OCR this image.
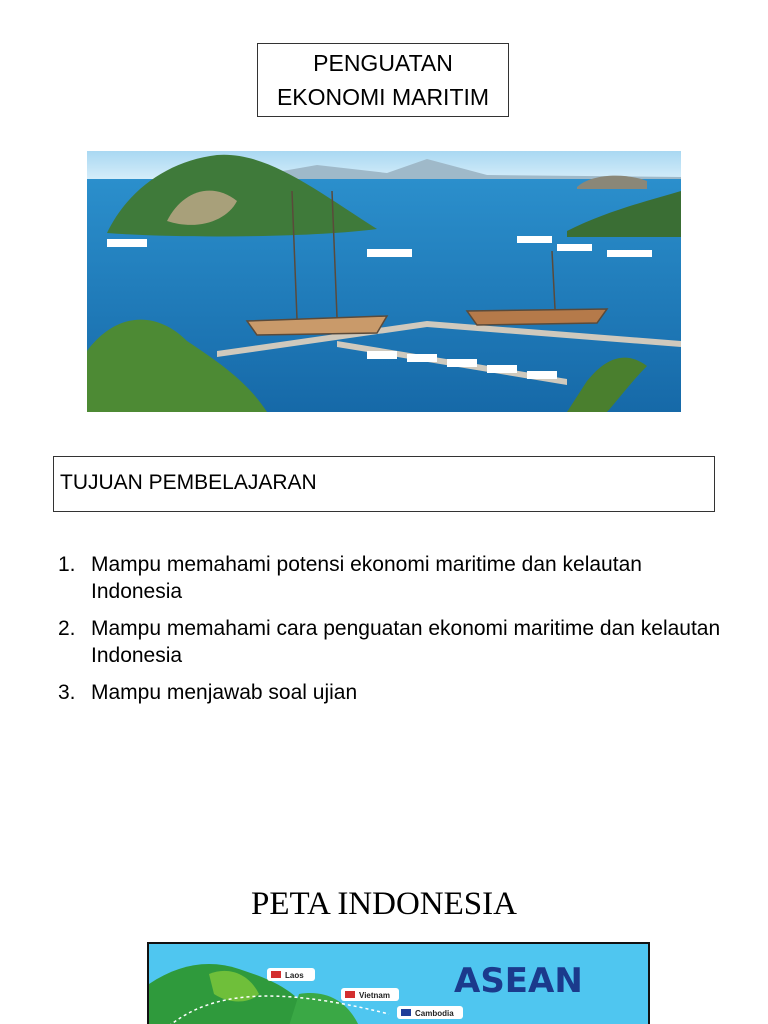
PENGUATAN
EKONOMI MARITIM
TUJUAN PEMBELAJARAN
1. Mampu memahami potensi ekonomi maritime dan kelautan Indonesia
2. Mampu memahami cara penguatan ekonomi maritime dan kelautan Indonesia
3. Mampu menjawab soal ujian
PETA INDONESIA
Laos
Vietnam
Cambodia
ASEAN
